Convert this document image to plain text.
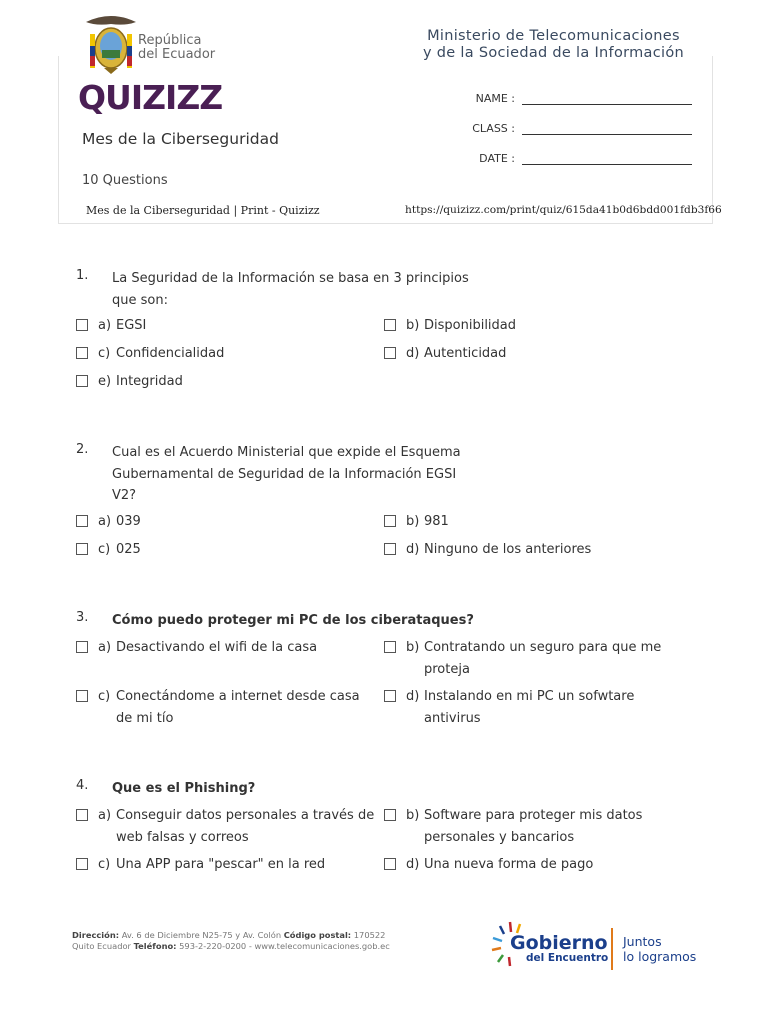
República
del Ecuador
Ministerio de Telecomunicaciones
y de la Sociedad de la Información
QUIZIZZ
Mes de la Ciberseguridad
10 Questions
NAME :
CLASS :
DATE :
Mes de la Ciberseguridad | Print - Quizizz	https://quizizz.com/print/quiz/615da41b0d6bdd001fdb3f66
1. La Seguridad de la Información se basa en 3 principios que son:
a) EGSI	b) Disponibilidad
c) Confidencialidad	d) Autenticidad
e) Integridad
2. Cual es el Acuerdo Ministerial que expide el Esquema Gubernamental de Seguridad de la Información EGSI V2?
a) 039	b) 981
c) 025	d) Ninguno de los anteriores
3. Cómo puedo proteger mi PC de los ciberataques?
a) Desactivando el wifi de la casa	b) Contratando un seguro para que me proteja
c) Conectándome a internet desde casa de mi tío
d) Instalando en mi PC un sofwtare antivirus
4. Que es el Phishing?
a) Conseguir datos personales a través de web falsas y correos
b) Software para proteger mis datos personales y bancarios
c) Una APP para "pescar" en la red	d) Una nueva forma de pago
Dirección: Av. 6 de Diciembre N25-75 y Av. Colón Código postal: 170522
Quito Ecuador Teléfono: 593-2-220-0200 - www.telecomunicaciones.gob.ec	Gobierno
del Encuentro
Juntos
lo logramos
